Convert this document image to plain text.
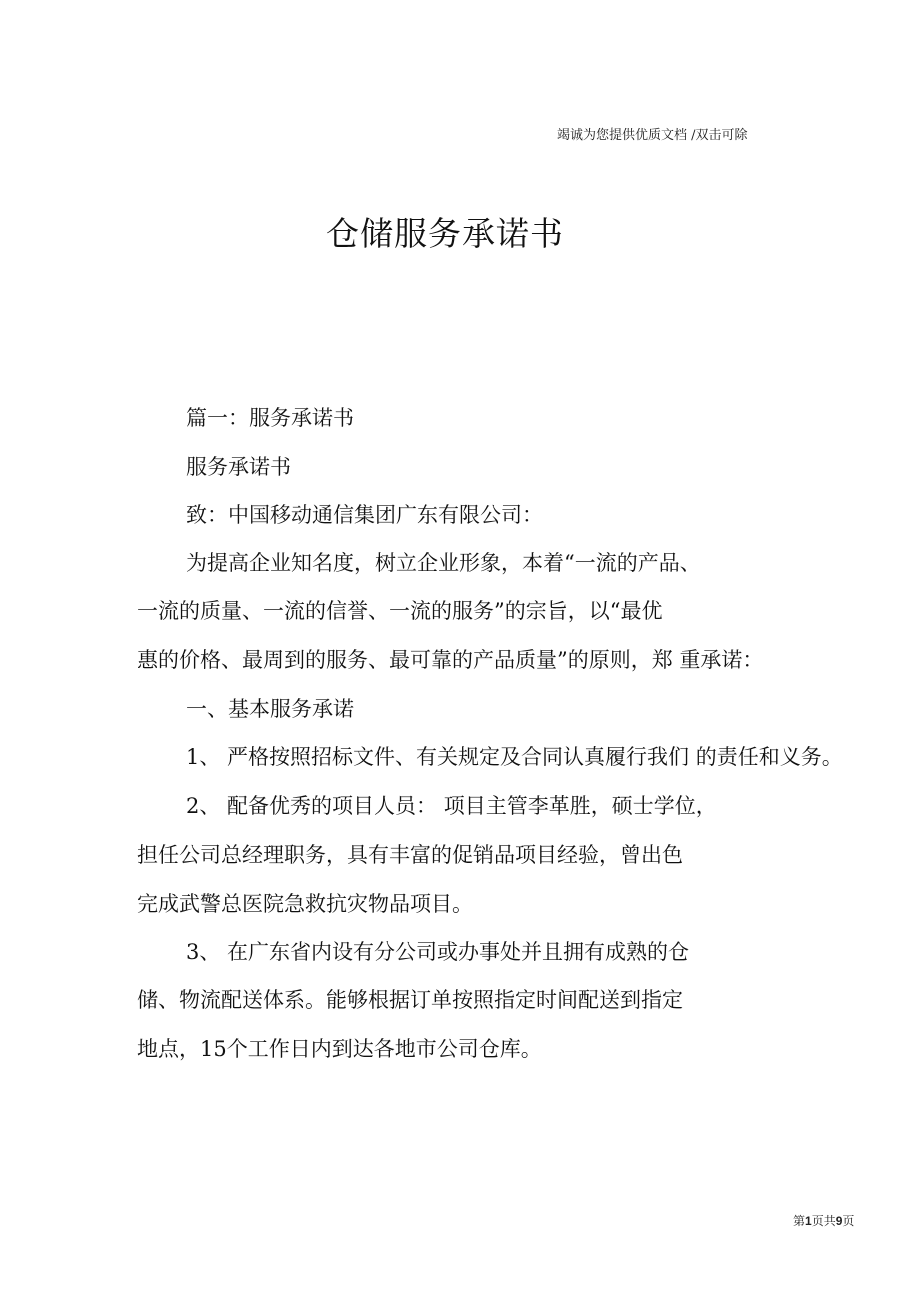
竭诚为您提供优质文档 /双击可除
仓储服务承诺书
篇一：服务承诺书
服务承诺书
致：中国移动通信集团广东有限公司：
为提高企业知名度，树立企业形象，本着“一流的产品、
一流的质量、一流的信誉、一流的服务”的宗旨，以“最优
惠的价格、最周到的服务、最可靠的产品质量”的原则，郑 重承诺：
一、基本服务承诺
1、 严格按照招标文件、有关规定及合同认真履行我们 的责任和义务。
2、 配备优秀的项目人员： 项目主管李革胜，硕士学位，
担任公司总经理职务，具有丰富的促销品项目经验，曾出色
完成武警总医院急救抗灾物品项目。
3、 在广东省内设有分公司或办事处并且拥有成熟的仓
储、物流配送体系。能够根据订单按照指定时间配送到指定
地点，15个工作日内到达各地市公司仓库。
第1页共9页
